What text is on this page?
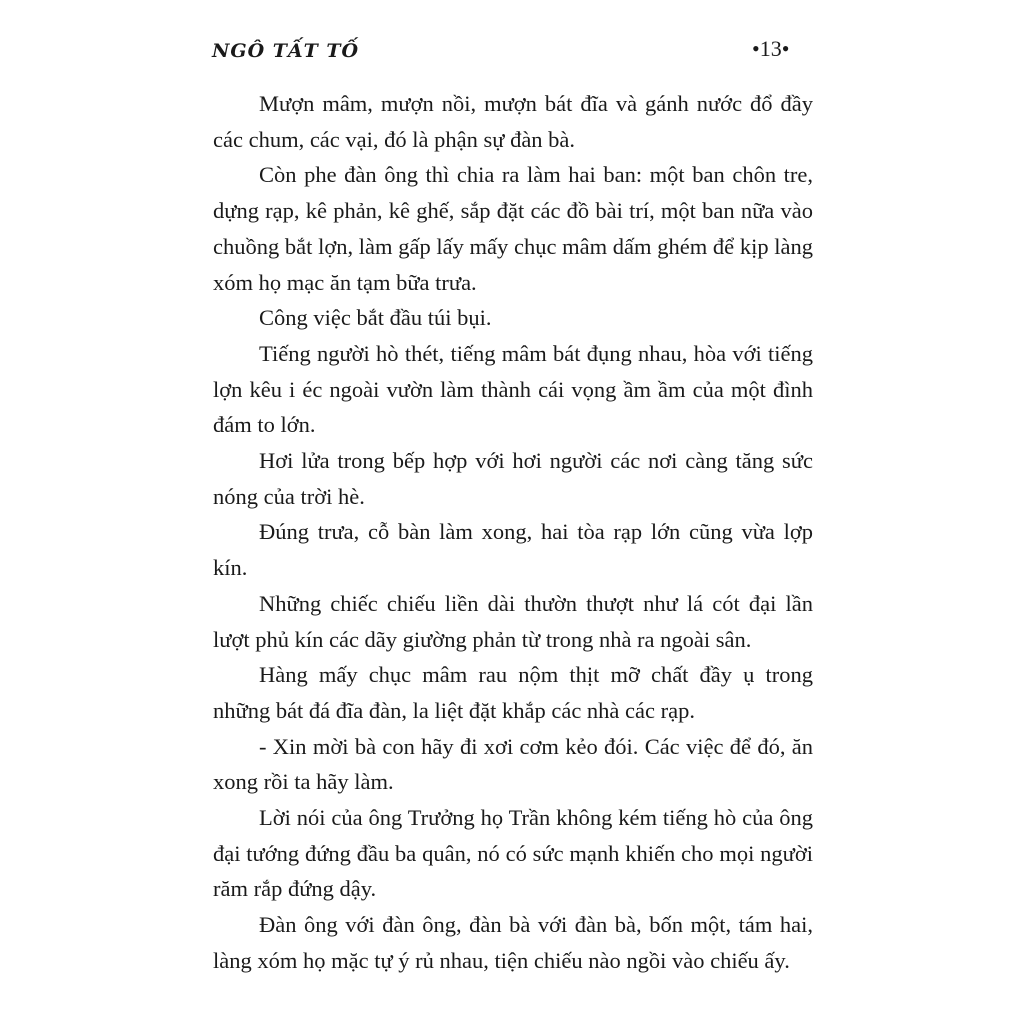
NGÔ TẤT TỐ	•13•

Mượn mâm, mượn nồi, mượn bát đĩa và gánh nước đổ đầy các chum, các vại, đó là phận sự đàn bà.

Còn phe đàn ông thì chia ra làm hai ban: một ban chôn tre, dựng rạp, kê phản, kê ghế, sắp đặt các đồ bài trí, một ban nữa vào chuồng bắt lợn, làm gấp lấy mấy chục mâm dấm ghém để kịp làng xóm họ mạc ăn tạm bữa trưa.

Công việc bắt đầu túi bụi.

Tiếng người hò thét, tiếng mâm bát đụng nhau, hòa với tiếng lợn kêu i éc ngoài vườn làm thành cái vọng ầm ầm của một đình đám to lớn.

Hơi lửa trong bếp hợp với hơi người các nơi càng tăng sức nóng của trời hè.

Đúng trưa, cỗ bàn làm xong, hai tòa rạp lớn cũng vừa lợp kín.

Những chiếc chiếu liền dài thườn thượt như lá cót đại lần lượt phủ kín các dãy giường phản từ trong nhà ra ngoài sân.

Hàng mấy chục mâm rau nộm thịt mỡ chất đầy ụ trong những bát đá đĩa đàn, la liệt đặt khắp các nhà các rạp.

- Xin mời bà con hãy đi xơi cơm kẻo đói. Các việc để đó, ăn xong rồi ta hãy làm.

Lời nói của ông Trưởng họ Trần không kém tiếng hò của ông đại tướng đứng đầu ba quân, nó có sức mạnh khiến cho mọi người răm rắp đứng dậy.

Đàn ông với đàn ông, đàn bà với đàn bà, bốn một, tám hai, làng xóm họ mặc tự ý rủ nhau, tiện chiếu nào ngồi vào chiếu ấy.
